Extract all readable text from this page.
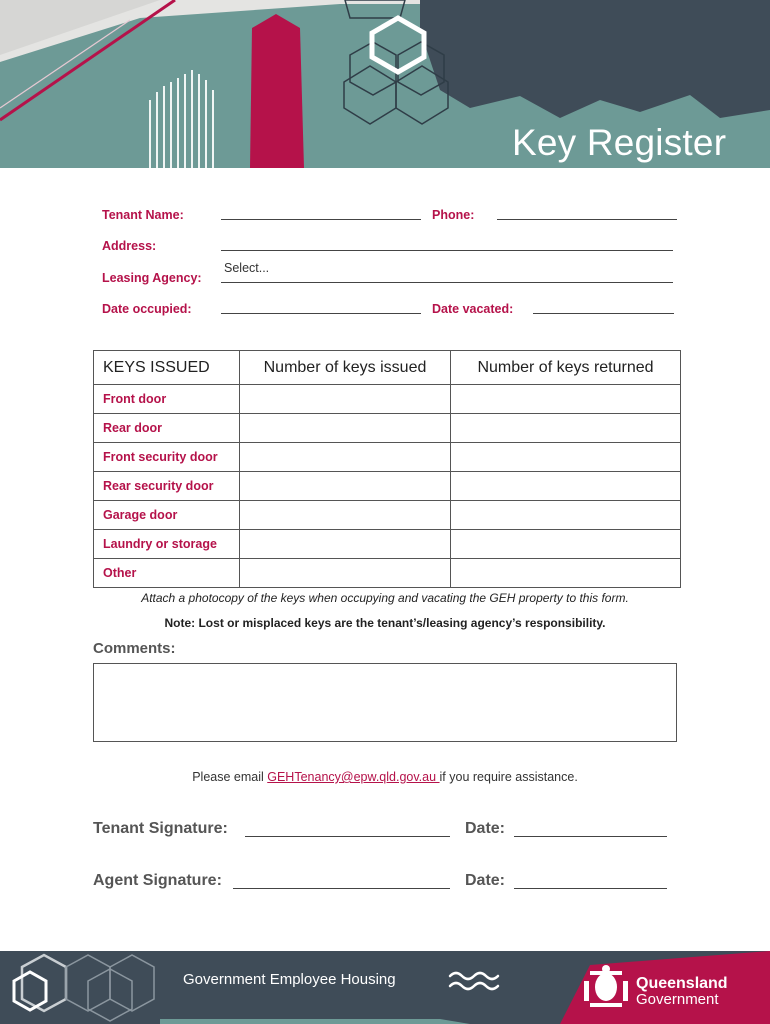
Key Register
Tenant Name:	Phone:
Address:
Leasing Agency:
Select...
Date occupied:	Date vacated:
KEYS ISSUED	Number of keys issued	Number of keys returned
Front door		
Rear door		
Front security door		
Rear security door		
Garage door		
Laundry or storage		
Other		
Attach a photocopy of the keys when occupying and vacating the GEH property to this form.
Note: Lost or misplaced keys are the tenant’s/leasing agency’s responsibility.
Comments:
Please email GEHTenancy@epw.qld.gov.au if you require assistance.
Tenant Signature:	Date:
Agent Signature:	Date:
Government Employee Housing	Queensland
Government
